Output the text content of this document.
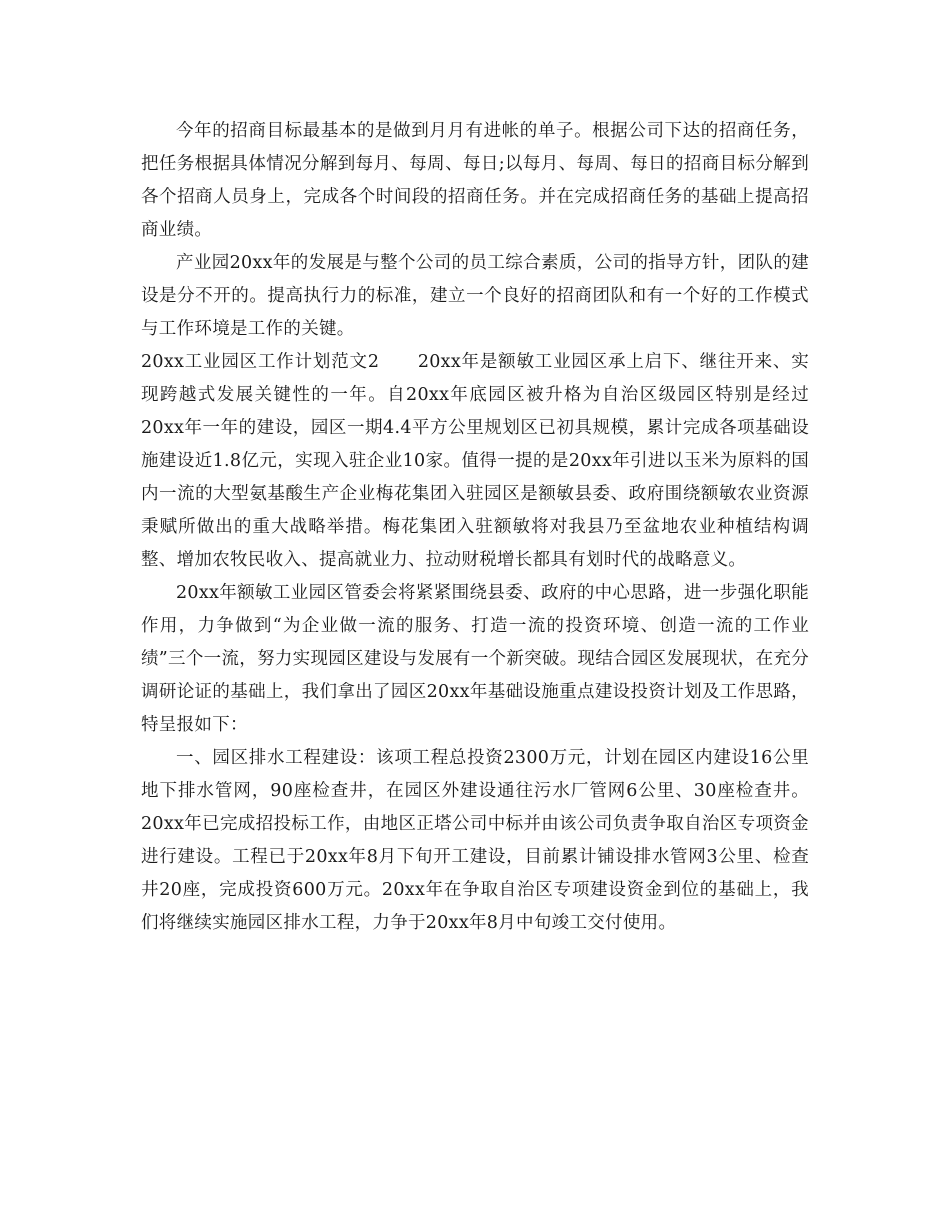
今年的招商目标最基本的是做到月月有进帐的单子。根据公司下达的招商任务，把任务根据具体情况分解到每月、每周、每日;以每月、每周、每日的招商目标分解到各个招商人员身上，完成各个时间段的招商任务。并在完成招商任务的基础上提高招商业绩。

产业园20xx年的发展是与整个公司的员工综合素质，公司的指导方针，团队的建设是分不开的。提高执行力的标准，建立一个良好的招商团队和有一个好的工作模式与工作环境是工作的关键。

20xx工业园区工作计划范文2 20xx年是额敏工业园区承上启下、继往开来、实现跨越式发展关键性的一年。自20xx年底园区被升格为自治区级园区特别是经过20xx年一年的建设，园区一期4.4平方公里规划区已初具规模，累计完成各项基础设施建设近1.8亿元，实现入驻企业10家。值得一提的是20xx年引进以玉米为原料的国内一流的大型氨基酸生产企业梅花集团入驻园区是额敏县委、政府围绕额敏农业资源秉赋所做出的重大战略举措。梅花集团入驻额敏将对我县乃至盆地农业种植结构调整、增加农牧民收入、提高就业力、拉动财税增长都具有划时代的战略意义。

20xx年额敏工业园区管委会将紧紧围绕县委、政府的中心思路，进一步强化职能作用，力争做到“为企业做一流的服务、打造一流的投资环境、创造一流的工作业绩”三个一流，努力实现园区建设与发展有一个新突破。现结合园区发展现状，在充分调研论证的基础上，我们拿出了园区20xx年基础设施重点建设投资计划及工作思路，特呈报如下：

一、园区排水工程建设：该项工程总投资2300万元，计划在园区内建设16公里地下排水管网，90座检查井，在园区外建设通往污水厂管网6公里、30座检查井。20xx年已完成招投标工作，由地区正塔公司中标并由该公司负责争取自治区专项资金进行建设。工程已于20xx年8月下旬开工建设，目前累计铺设排水管网3公里、检查井20座，完成投资600万元。20xx年在争取自治区专项建设资金到位的基础上，我们将继续实施园区排水工程，力争于20xx年8月中旬竣工交付使用。
